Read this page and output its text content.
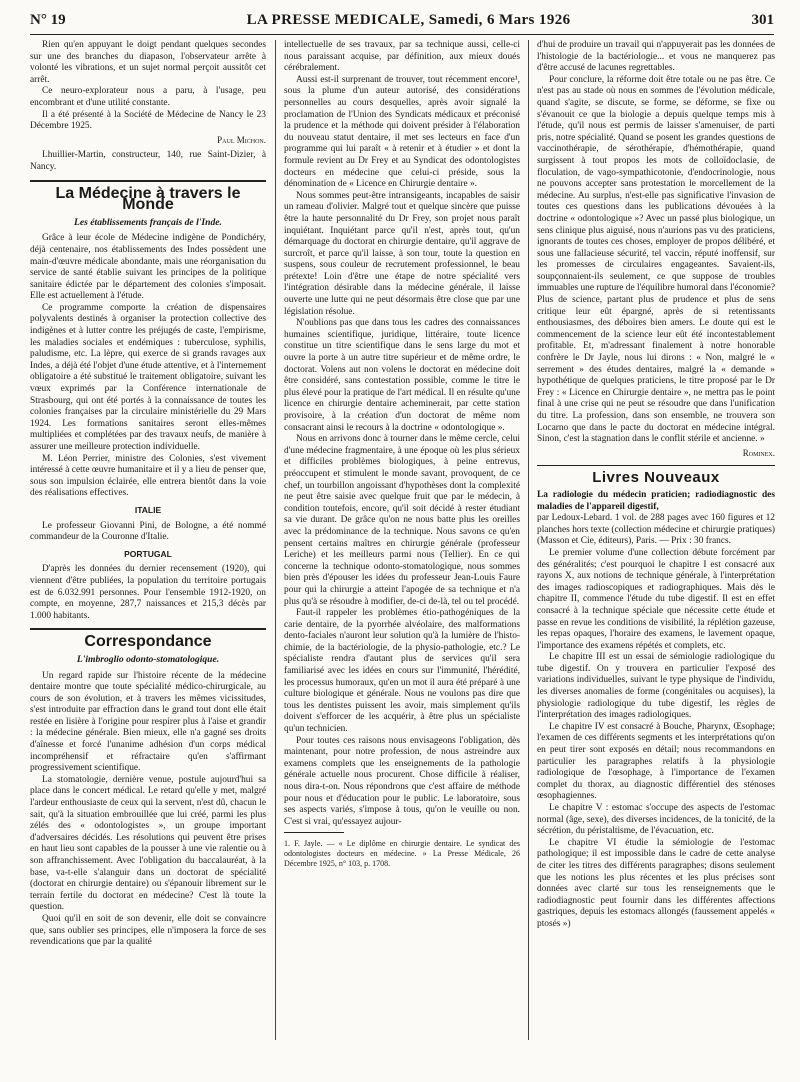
N° 19	LA PRESSE MEDICALE, Samedi, 6 Mars 1926	301

Rien qu'en appuyant le doigt pendant quelques secondes sur une des branches du diapason, l'observateur arrête à volonté les vibrations, et un sujet normal perçoit aussitôt cet arrêt.

Ce neuro-explorateur nous a paru, à l'usage, peu encombrant et d'une utilité constante.

Il a été présenté à la Société de Médecine de Nancy le 23 Décembre 1925.

Paul Michon.

Lhuillier-Martin, constructeur, 140, rue Saint-Dizier, à Nancy.

La Médecine à travers le Monde
Les établissements français de l'Inde.

Grâce à leur école de Médecine indigène de Pondichéry, déjà centenaire, nos établissements des Indes possèdent une main-d'œuvre médicale abondante, mais une réorganisation du service de santé établie suivant les principes de la politique sanitaire édictée par le département des colonies s'imposait. Elle est actuellement à l'étude.

Ce programme comporte la création de dispensaires polyvalents destinés à organiser la protection collective des indigènes et à lutter contre les préjugés de caste, l'empirisme, les maladies sociales et endémiques : tuberculose, syphilis, paludisme, etc. La lèpre, qui exerce de si grands ravages aux Indes, a déjà été l'objet d'une étude attentive, et à l'internement obligatoire a été substitué le traitement obligatoire, suivant les vœux exprimés par la Conférence internationale de Strasbourg, qui ont été portés à la connaissance de toutes les colonies françaises par la circulaire ministérielle du 29 Mars 1924. Les formations sanitaires seront elles-mêmes multipliées et complétées par des travaux neufs, de manière à assurer une meilleure protection individuelle.

M. Léon Perrier, ministre des Colonies, s'est vivement intéressé à cette œuvre humanitaire et il y a lieu de penser que, sous son impulsion éclairée, elle entrera bientôt dans la voie des réalisations effectives.

ITALIE

Le professeur Giovanni Pini, de Bologne, a été nommé commandeur de la Couronne d'Italie.

PORTUGAL

D'après les données du dernier recensement (1920), qui viennent d'être publiées, la population du territoire portugais est de 6.032.991 personnes. Pour l'ensemble 1912-1920, on compte, en moyenne, 287,7 naissances et 215,3 décès par 1.000 habitants.

Correspondance
L'imbroglio odonto-stomatologique.

Un regard rapide sur l'histoire récente de la médecine dentaire montre que toute spécialité médico-chirurgicale, au cours de son évolution, et à travers les mêmes vicissitudes, s'est introduite par effraction dans le grand tout dont elle était restée en lisière à l'origine pour respirer plus à l'aise et grandir : la médecine générale. Bien mieux, elle n'a gagné ses droits d'aînesse et forcé l'unanime adhésion d'un corps médical incompréhensif et réfractaire qu'en s'affirmant progressivement scientifique.

La stomatologie, dernière venue, postule aujourd'hui sa place dans le concert médical. Le retard qu'elle y met, malgré l'ardeur enthousiaste de ceux qui la servent, n'est dû, chacun le sait, qu'à la situation embrouillée que lui créé, parmi les plus zélés des « odontologistes », un groupe important d'adversaires décidés. Les résolutions qui peuvent être prises en haut lieu sont capables de la pousser à une vie ralentie ou à son affranchissement. Avec l'obligation du baccalauréat, à la base, va-t-elle s'alanguir dans un doctorat de spécialité (doctorat en chirurgie dentaire) ou s'épanouir librement sur le terrain fertile du doctorat en médecine? C'est là toute la question.

Quoi qu'il en soit de son devenir, elle doit se convaincre que, sans oublier ses principes, elle n'imposera la force de ses revendications que par la qualité

intellectuelle de ses travaux, par sa technique aussi, celle-ci nous paraissant acquise, par définition, aux mieux doués cérébralement.

Aussi est-il surprenant de trouver, tout récemment encore¹, sous la plume d'un auteur autorisé, des considérations personnelles au cours desquelles, après avoir signalé la proclamation de l'Union des Syndicats médicaux et préconisé la prudence et la méthode qui doivent présider à l'élaboration du nouveau statut dentaire, il met ses lecteurs en face d'un programme qui lui paraît « à retenir et à étudier » et dont la formule revient au Dr Frey et au Syndicat des odontologistes docteurs en médecine que celui-ci préside, sous la dénomination de « Licence en Chirurgie dentaire ».

Nous sommes peut-être intransigeants, incapables de saisir un rameau d'olivier. Malgré tout et quelque sincère que puisse être la haute personnalité du Dr Frey, son projet nous paraît inquiétant. Inquiétant parce qu'il n'est, après tout, qu'un démarquage du doctorat en chirurgie dentaire, qu'il aggrave de surcroît, et parce qu'il laisse, à son tour, toute la question en suspens, sous couleur de recrutement professionnel, le beau prétexte! Loin d'être une étape de notre spécialité vers l'intégration désirable dans la médecine générale, il laisse ouverte une lutte qui ne peut désormais être close que par une législation résolue.

N'oublions pas que dans tous les cadres des connaissances humaines scientifique, juridique, littéraire, toute licence constitue un titre scientifique dans le sens large du mot et ouvre la porte à un autre titre supérieur et de même ordre, le doctorat. Volens aut non volens le doctorat en médecine doit être considéré, sans contestation possible, comme le titre le plus élevé pour la pratique de l'art médical. Il en résulte qu'une licence en chirurgie dentaire acheminerait, par cette station provisoire, à la création d'un doctorat de même nom consacrant ainsi le recours à la doctrine « odontologique ».

Nous en arrivons donc à tourner dans le même cercle, celui d'une médecine fragmentaire, à une époque où les plus sérieux et difficiles problèmes biologiques, à peine entrevus, préoccupent et stimulent le monde savant, provoquent, de ce chef, un tourbillon angoissant d'hypothèses dont la complexité ne peut être saisie avec quelque fruit que par le médecin, à condition toutefois, encore, qu'il soit décidé à rester étudiant sa vie durant. De grâce qu'on ne nous batte plus les oreilles avec la prédominance de la technique. Nous savons ce qu'en pensent certains maîtres en chirurgie générale (professeur Leriche) et les meilleurs parmi nous (Tellier). En ce qui concerne la technique odonto-stomatologique, nous sommes bien près d'épouser les idées du professeur Jean-Louis Faure pour qui la chirurgie a atteint l'apogée de sa technique et n'a plus qu'à se résoudre à modifier, de-ci de-là, tel ou tel procédé.

Faut-il rappeler les problèmes étio-pathogéniques de la carie dentaire, de la pyorrhée alvéolaire, des malformations dento-faciales n'auront leur solution qu'à la lumière de l'histo-chimie, de la bactériologie, de la physio-pathologie, etc.? Le spécialiste rendra d'autant plus de services qu'il sera familiarisé avec les idées en cours sur l'immunité, l'hérédité, les processus humoraux, qu'en un mot il aura été préparé à une culture biologique et générale. Nous ne voulons pas dire que tous les dentistes puissent les avoir, mais simplement qu'ils doivent s'efforcer de les acquérir, à être plus un spécialiste qu'un technicien.

Pour toutes ces raisons nous envisageons l'obligation, dès maintenant, pour notre profession, de nous astreindre aux examens complets que les enseignements de la pathologie générale actuelle nous procurent. Chose difficile à réaliser, nous dira-t-on. Nous répondrons que c'est affaire de méthode pour nous et d'éducation pour le public. Le laboratoire, sous ses aspects variés, s'impose à tous, qu'on le veuille ou non. C'est si vrai, qu'essayez aujour-

1. F. Jayle. — « Le diplôme en chirurgie dentaire. Le syndicat des odontologistes docteurs en médecine. » La Presse Médicale, 26 Décembre 1925, n° 103, p. 1708.

d'hui de produire un travail qui n'appuyerait pas les données de l'histologie de la bactériologie... et vous ne manquerez pas d'être accusé de lacunes regrettables.

Pour conclure, la réforme doit être totale ou ne pas être. Ce n'est pas au stade où nous en sommes de l'évolution médicale, quand s'agite, se discute, se forme, se déforme, se fixe ou s'évanouit ce que la biologie a depuis quelque temps mis à l'étude, qu'il nous est permis de laisser s'amenuiser, de parti pris, notre spécialité. Quand se posent les grandes questions de vaccinothérapie, de sérothérapie, d'hémothérapie, quand surgissent à tout propos les mots de colloïdoclasie, de floculation, de vago-sympathicotonie, d'endocrinologie, nous ne pouvons accepter sans protestation le morcellement de la médecine. Au surplus, n'est-elle pas significative l'invasion de toutes ces questions dans les publications dévouées à la doctrine « odontologique »? Avec un passé plus biologique, un sens clinique plus aiguisé, nous n'aurions pas vu des praticiens, ignorants de toutes ces choses, employer de propos délibéré, et sous une fallacieuse sécurité, tel vaccin, réputé inoffensif, sur les promesses de circulaires engageantes. Savaient-ils, soupçonnaient-ils seulement, ce que suppose de troubles immuables une rupture de l'équilibre humoral dans l'économie? Plus de science, partant plus de prudence et plus de sens critique leur eût épargné, après de si retentissants enthousiasmes, des déboires bien amers. Le doute qui est le commencement de la science leur eût été incontestablement profitable. Et, m'adressant finalement à notre honorable confrère le Dr Jayle, nous lui dirons : « Non, malgré le « serrement » des études dentaires, malgré la « demande » hypothétique de quelques praticiens, le titre proposé par le Dr Frey : « Licence en Chirurgie dentaire », ne mettra pas le point final à une crise qui ne peut se résoudre que dans l'unification du titre. La profession, dans son ensemble, ne trouvera son Locarno que dans le pacte du doctorat en médecine intégral. Sinon, c'est la stagnation dans le conflit stérile et ancienne. »

Rominex.
Livres Nouveaux

La radiologie du médecin praticien; radiodiagnostic des maladies de l'appareil digestif,

par Ledoux-Lebard. 1 vol. de 288 pages avec 160 figures et 12 planches hors texte (collection médecine et chirurgie pratiques) (Masson et Cie, éditeurs), Paris. — Prix : 30 francs.

Le premier volume d'une collection débute forcément par des généralités; c'est pourquoi le chapitre I est consacré aux rayons X, aux notions de technique générale, à l'interprétation des images radioscopiques et radiographiques. Mais dès le chapitre II, commence l'étude du tube digestif. Il est en effet consacré à la technique spéciale que nécessite cette étude et passe en revue les conditions de visibilité, la réplétion gazeuse, les repas opaques, l'horaire des examens, le lavement opaque, l'importance des examens répétés et complets, etc.

Le chapitre III est un essai de sémiologie radiologique du tube digestif. On y trouvera en particulier l'exposé des variations individuelles, suivant le type physique de l'individu, les diverses anomalies de forme (congénitales ou acquises), la physiologie radiologique du tube digestif, les règles de l'interprétation des images radiologiques.

Le chapitre IV est consacré à Bouche, Pharynx, Œsophage; l'examen de ces différents segments et les interprétations qu'on en peut tirer sont exposés en détail; nous recommandons en particulier les paragraphes relatifs à la physiologie radiologique de l'œsophage, à l'importance de l'examen complet du thorax, au diagnostic différentiel des sténoses œsophagiennes.

Le chapitre V : estomac s'occupe des aspects de l'estomac normal (âge, sexe), des diverses incidences, de la tonicité, de la sécrétion, du péristaltisme, de l'évacuation, etc.

Le chapitre VI étudie la sémiologie de l'estomac pathologique; il est impossible dans le cadre de cette analyse de citer les titres des différents paragraphes; disons seulement que les notions les plus récentes et les plus précises sont données avec clarté sur tous les renseignements que le radiodiagnostic peut fournir dans les différentes affections gastriques, depuis les estomacs allongés (faussement appelés « ptosés »)
